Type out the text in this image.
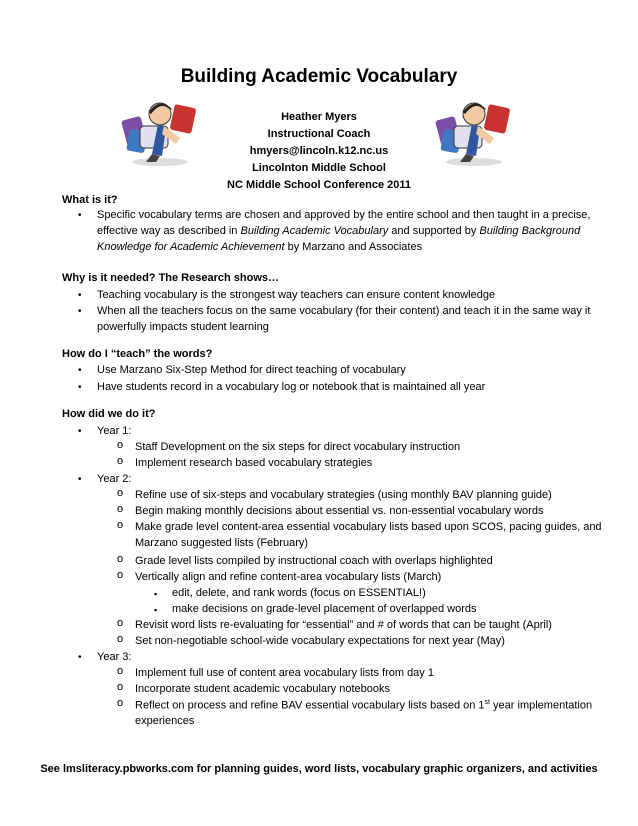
Building Academic Vocabulary
Heather Myers
Instructional Coach
hmyers@lincoln.k12.nc.us
Lincolnton Middle School
NC Middle School Conference 2011
What is it?
• Specific vocabulary terms are chosen and approved by the entire school and then taught in a precise,
effective way as described in Building Academic Vocabulary and supported by Building Background
Knowledge for Academic Achievement by Marzano and Associates
Why is it needed? The Research shows…
• Teaching vocabulary is the strongest way teachers can ensure content knowledge
• When all the teachers focus on the same vocabulary (for their content) and teach it in the same way it
powerfully impacts student learning
How do I “teach” the words?
• Use Marzano Six-Step Method for direct teaching of vocabulary
• Have students record in a vocabulary log or notebook that is maintained all year
How did we do it?
• Year 1:
o Staff Development on the six steps for direct vocabulary instruction
o Implement research based vocabulary strategies
• Year 2:
o Refine use of six-steps and vocabulary strategies (using monthly BAV planning guide)
o Begin making monthly decisions about essential vs. non-essential vocabulary words
o Make grade level content-area essential vocabulary lists based upon SCOS, pacing guides, and
Marzano suggested lists (February)
o Grade level lists compiled by instructional coach with overlaps highlighted
o Vertically align and refine content-area vocabulary lists (March)
▪ edit, delete, and rank words (focus on ESSENTIAL!)
▪ make decisions on grade-level placement of overlapped words
o Revisit word lists re-evaluating for “essential” and # of words that can be taught (April)
o Set non-negotiable school-wide vocabulary expectations for next year (May)
• Year 3:
o Implement full use of content area vocabulary lists from day 1
o Incorporate student academic vocabulary notebooks
o Reflect on process and refine BAV essential vocabulary lists based on 1st year implementation
experiences
See lmsliteracy.pbworks.com for planning guides, word lists, vocabulary graphic organizers, and activities
